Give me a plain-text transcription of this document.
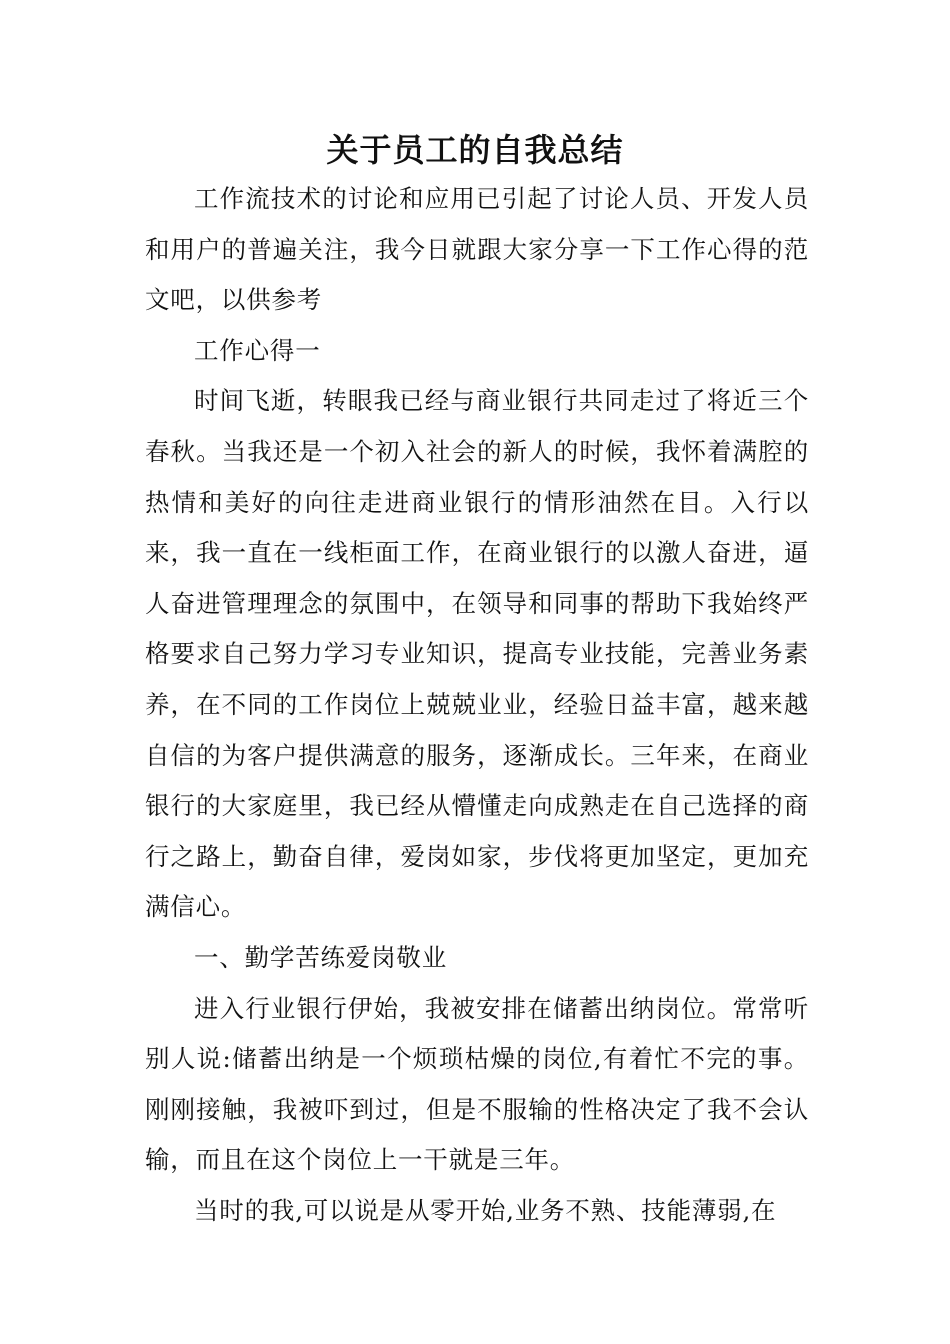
关于员工的自我总结

工作流技术的讨论和应用已引起了讨论人员、开发人员和用户的普遍关注，我今日就跟大家分享一下工作心得的范文吧，以供参考

工作心得一

时间飞逝，转眼我已经与商业银行共同走过了将近三个春秋。当我还是一个初入社会的新人的时候，我怀着满腔的热情和美好的向往走进商业银行的情形油然在目。入行以来，我一直在一线柜面工作，在商业银行的以激人奋进，逼人奋进管理理念的氛围中，在领导和同事的帮助下我始终严格要求自己努力学习专业知识，提高专业技能，完善业务素养，在不同的工作岗位上兢兢业业，经验日益丰富，越来越自信的为客户提供满意的服务，逐渐成长。三年来，在商业银行的大家庭里，我已经从懵懂走向成熟走在自己选择的商行之路上，勤奋自律，爱岗如家，步伐将更加坚定，更加充满信心。

一、勤学苦练爱岗敬业

进入行业银行伊始，我被安排在储蓄出纳岗位。常常听别人说:储蓄出纳是一个烦琐枯燥的岗位,有着忙不完的事。刚刚接触，我被吓到过，但是不服输的性格决定了我不会认输，而且在这个岗位上一干就是三年。

当时的我,可以说是从零开始,业务不熟、技能薄弱,在
